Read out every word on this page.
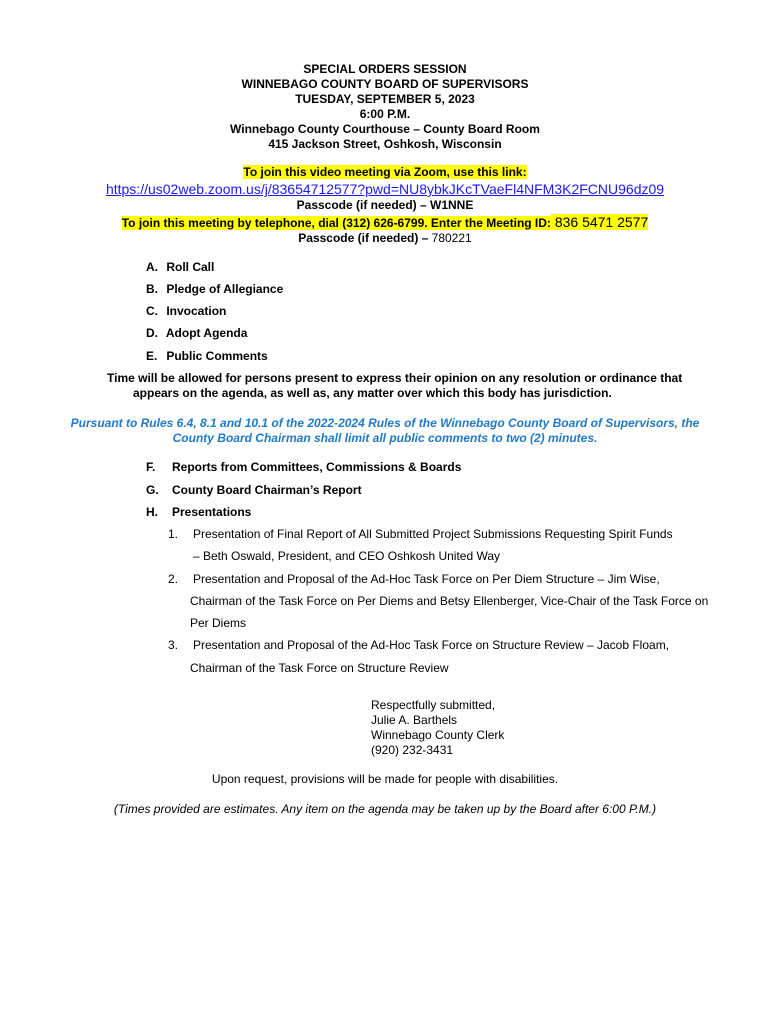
SPECIAL ORDERS SESSION
WINNEBAGO COUNTY BOARD OF SUPERVISORS
TUESDAY, SEPTEMBER 5, 2023
6:00 P.M.
Winnebago County Courthouse – County Board Room
415 Jackson Street, Oshkosh, Wisconsin
To join this video meeting via Zoom, use this link:
https://us02web.zoom.us/j/83654712577?pwd=NU8ybkJKcTVaeFl4NFM3K2FCNU96dz09
Passcode (if needed) – W1NNE
To join this meeting by telephone, dial (312) 626-6799. Enter the Meeting ID: 836 5471 2577
Passcode (if needed) – 780221
A. Roll Call
B. Pledge of Allegiance
C. Invocation
D. Adopt Agenda
E. Public Comments
Time will be allowed for persons present to express their opinion on any resolution or ordinance that
appears on the agenda, as well as, any matter over which this body has jurisdiction.
Pursuant to Rules 6.4, 8.1 and 10.1 of the 2022-2024 Rules of the Winnebago County Board of Supervisors, the
County Board Chairman shall limit all public comments to two (2) minutes.
F. Reports from Committees, Commissions & Boards
G. County Board Chairman’s Report
H. Presentations
1. Presentation of Final Report of All Submitted Project Submissions Requesting Spirit Funds
– Beth Oswald, President, and CEO Oshkosh United Way
2. Presentation and Proposal of the Ad-Hoc Task Force on Per Diem Structure – Jim Wise,
Chairman of the Task Force on Per Diems and Betsy Ellenberger, Vice-Chair of the Task Force on
Per Diems
3. Presentation and Proposal of the Ad-Hoc Task Force on Structure Review – Jacob Floam,
Chairman of the Task Force on Structure Review
Respectfully submitted,
Julie A. Barthels
Winnebago County Clerk
(920) 232-3431
Upon request, provisions will be made for people with disabilities.
(Times provided are estimates. Any item on the agenda may be taken up by the Board after 6:00 P.M.)
